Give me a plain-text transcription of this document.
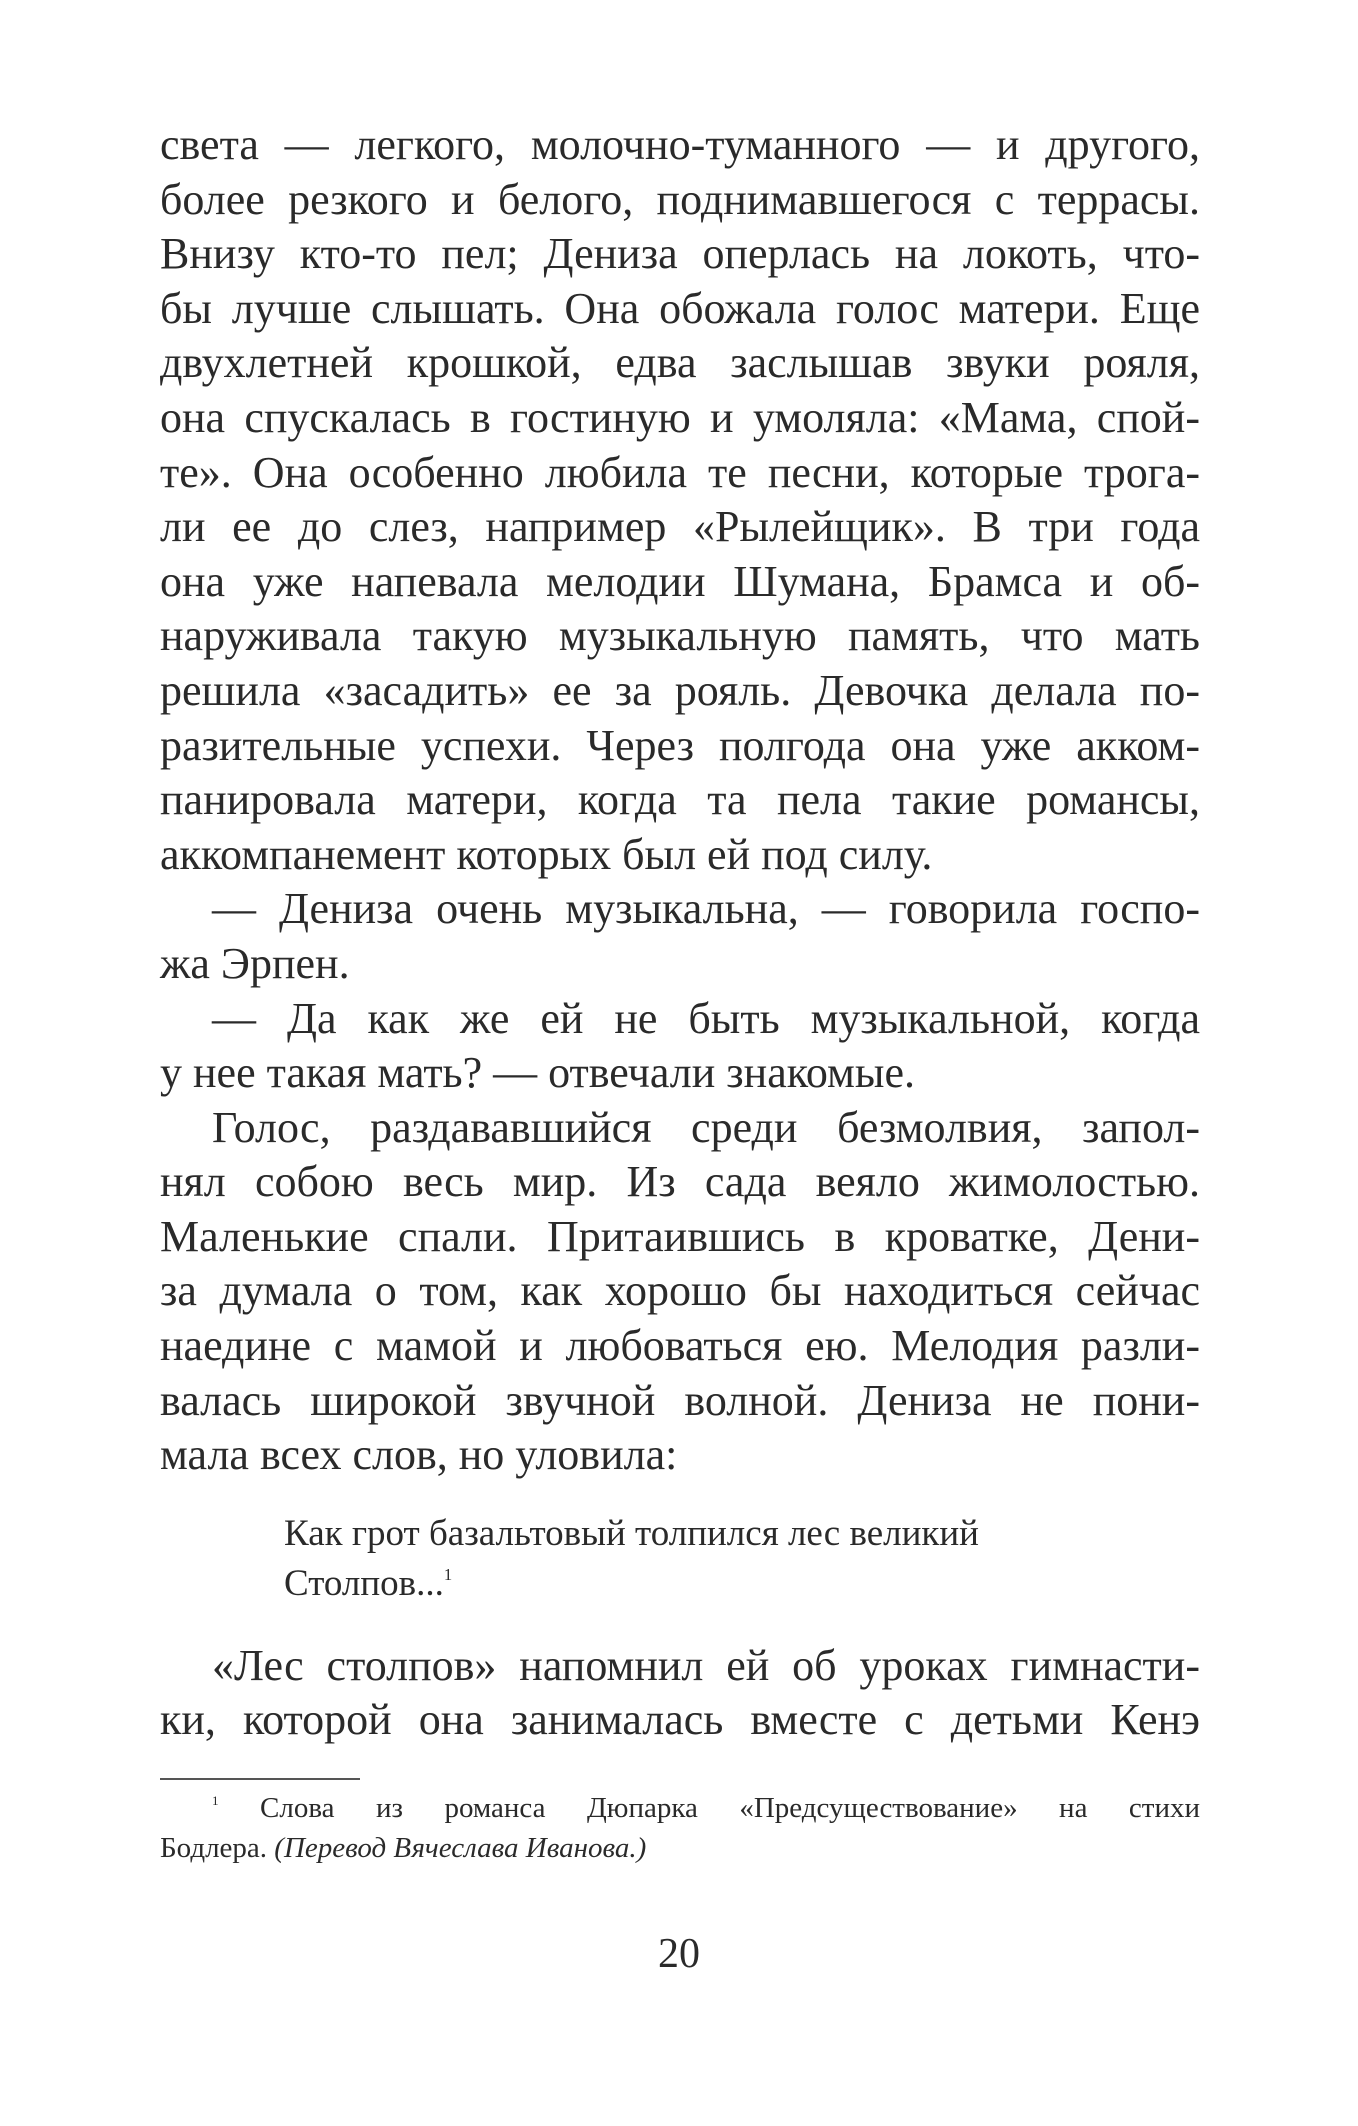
света — легкого, молочно-туманного — и другого,
более резкого и белого, поднимавшегося с террасы.
Внизу кто-то пел; Дениза оперлась на локоть, что-
бы лучше слышать. Она обожала голос матери. Еще
двухлетней крошкой, едва заслышав звуки рояля,
она спускалась в гостиную и умоляла: «Мама, спой-
те». Она особенно любила те песни, которые трога-
ли ее до слез, например «Рылейщик». В три года
она уже напевала мелодии Шумана, Брамса и об-
наруживала такую музыкальную память, что мать
решила «засадить» ее за рояль. Девочка делала по-
разительные успехи. Через полгода она уже акком-
панировала матери, когда та пела такие романсы,
аккомпанемент которых был ей под силу.
— Дениза очень музыкальна, — говорила госпо-
жа Эрпен.
— Да как же ей не быть музыкальной, когда
у нее такая мать? — отвечали знакомые.
Голос, раздававшийся среди безмолвия, запол-
нял собою весь мир. Из сада веяло жимолостью.
Маленькие спали. Притаившись в кроватке, Дени-
за думала о том, как хорошо бы находиться сейчас
наедине с мамой и любоваться ею. Мелодия разли-
валась широкой звучной волной. Дениза не пони-
мала всех слов, но уловила:
Как грот базальтовый толпился лес великий
Столпов...$^1$
«Лес столпов» напомнил ей об уроках гимнасти-
ки, которой она занималась вместе с детьми Кенэ
$^1$ Слова из романса Дюпарка «Предсуществование» на стихи
Бодлера. (Перевод Вячеслава Иванова.)
20
